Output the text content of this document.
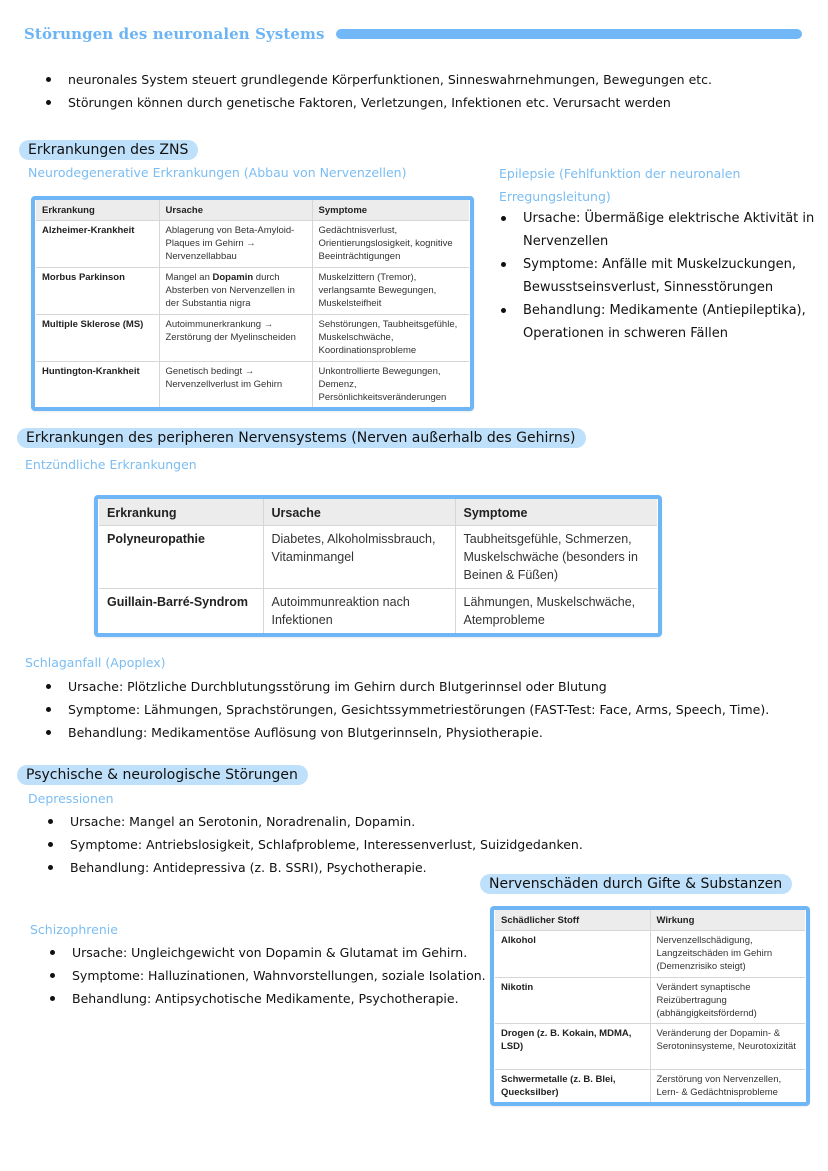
Störungen des neuronalen Systems
neuronales System steuert grundlegende Körperfunktionen, Sinneswahrnehmungen, Bewegungen etc.
Störungen können durch genetische Faktoren, Verletzungen, Infektionen etc. Verursacht werden
Erkrankungen des ZNS
Neurodegenerative Erkrankungen (Abbau von Nervenzellen)
Erkrankung	Ursache	Symptome
Alzheimer-Krankheit	Ablagerung von Beta-Amyloid-Plaques im Gehirn → Nervenzellabbau	Gedächtnisverlust, Orientierungslosigkeit, kognitive Beeinträchtigungen
Morbus Parkinson	Mangel an Dopamin durch Absterben von Nervenzellen in der Substantia nigra	Muskelzittern (Tremor), verlangsamte Bewegungen, Muskelsteifheit
Multiple Sklerose (MS)	Autoimmunerkrankung → Zerstörung der Myelinscheiden	Sehstörungen, Taubheitsgefühle, Muskelschwäche, Koordinationsprobleme
Huntington-Krankheit	Genetisch bedingt → Nervenzellverlust im Gehirn	Unkontrollierte Bewegungen, Demenz, Persönlichkeitsveränderungen
Epilepsie (Fehlfunktion der neuronalen
Erregungsleitung)
Ursache: Übermäßige elektrische Aktivität in Nervenzellen
Symptome: Anfälle mit Muskelzuckungen, Bewusstseinsverlust, Sinnesstörungen
Behandlung: Medikamente (Antiepileptika), Operationen in schweren Fällen
Erkrankungen des peripheren Nervensystems (Nerven außerhalb des Gehirns)
Entzündliche Erkrankungen
Erkrankung	Ursache	Symptome
Polyneuropathie	Diabetes, Alkoholmissbrauch, Vitaminmangel	Taubheitsgefühle, Schmerzen, Muskelschwäche (besonders in Beinen & Füßen)
Guillain-Barré-Syndrom	Autoimmunreaktion nach Infektionen	Lähmungen, Muskelschwäche, Atemprobleme
Schlaganfall (Apoplex)
Ursache: Plötzliche Durchblutungsstörung im Gehirn durch Blutgerinnsel oder Blutung
Symptome: Lähmungen, Sprachstörungen, Gesichtssymmetriestörungen (FAST-Test: Face, Arms, Speech, Time).
Behandlung: Medikamentöse Auflösung von Blutgerinnseln, Physiotherapie.
Psychische & neurologische Störungen
Depressionen
Ursache: Mangel an Serotonin, Noradrenalin, Dopamin.
Symptome: Antriebslosigkeit, Schlafprobleme, Interessenverlust, Suizidgedanken.
Behandlung: Antidepressiva (z. B. SSRI), Psychotherapie.
Schizophrenie
Ursache: Ungleichgewicht von Dopamin & Glutamat im Gehirn.
Symptome: Halluzinationen, Wahnvorstellungen, soziale Isolation.
Behandlung: Antipsychotische Medikamente, Psychotherapie.
Nervenschäden durch Gifte & Substanzen
Schädlicher Stoff	Wirkung
Alkohol	Nervenzellschädigung, Langzeitschäden im Gehirn (Demenzrisiko steigt)
Nikotin	Verändert synaptische Reizübertragung (abhängigkeitsfördernd)
Drogen (z. B. Kokain, MDMA, LSD)	Veränderung der Dopamin- & Serotoninsysteme, Neurotoxizität
Schwermetalle (z. B. Blei, Quecksilber)	Zerstörung von Nervenzellen, Lern- & Gedächtnisprobleme
